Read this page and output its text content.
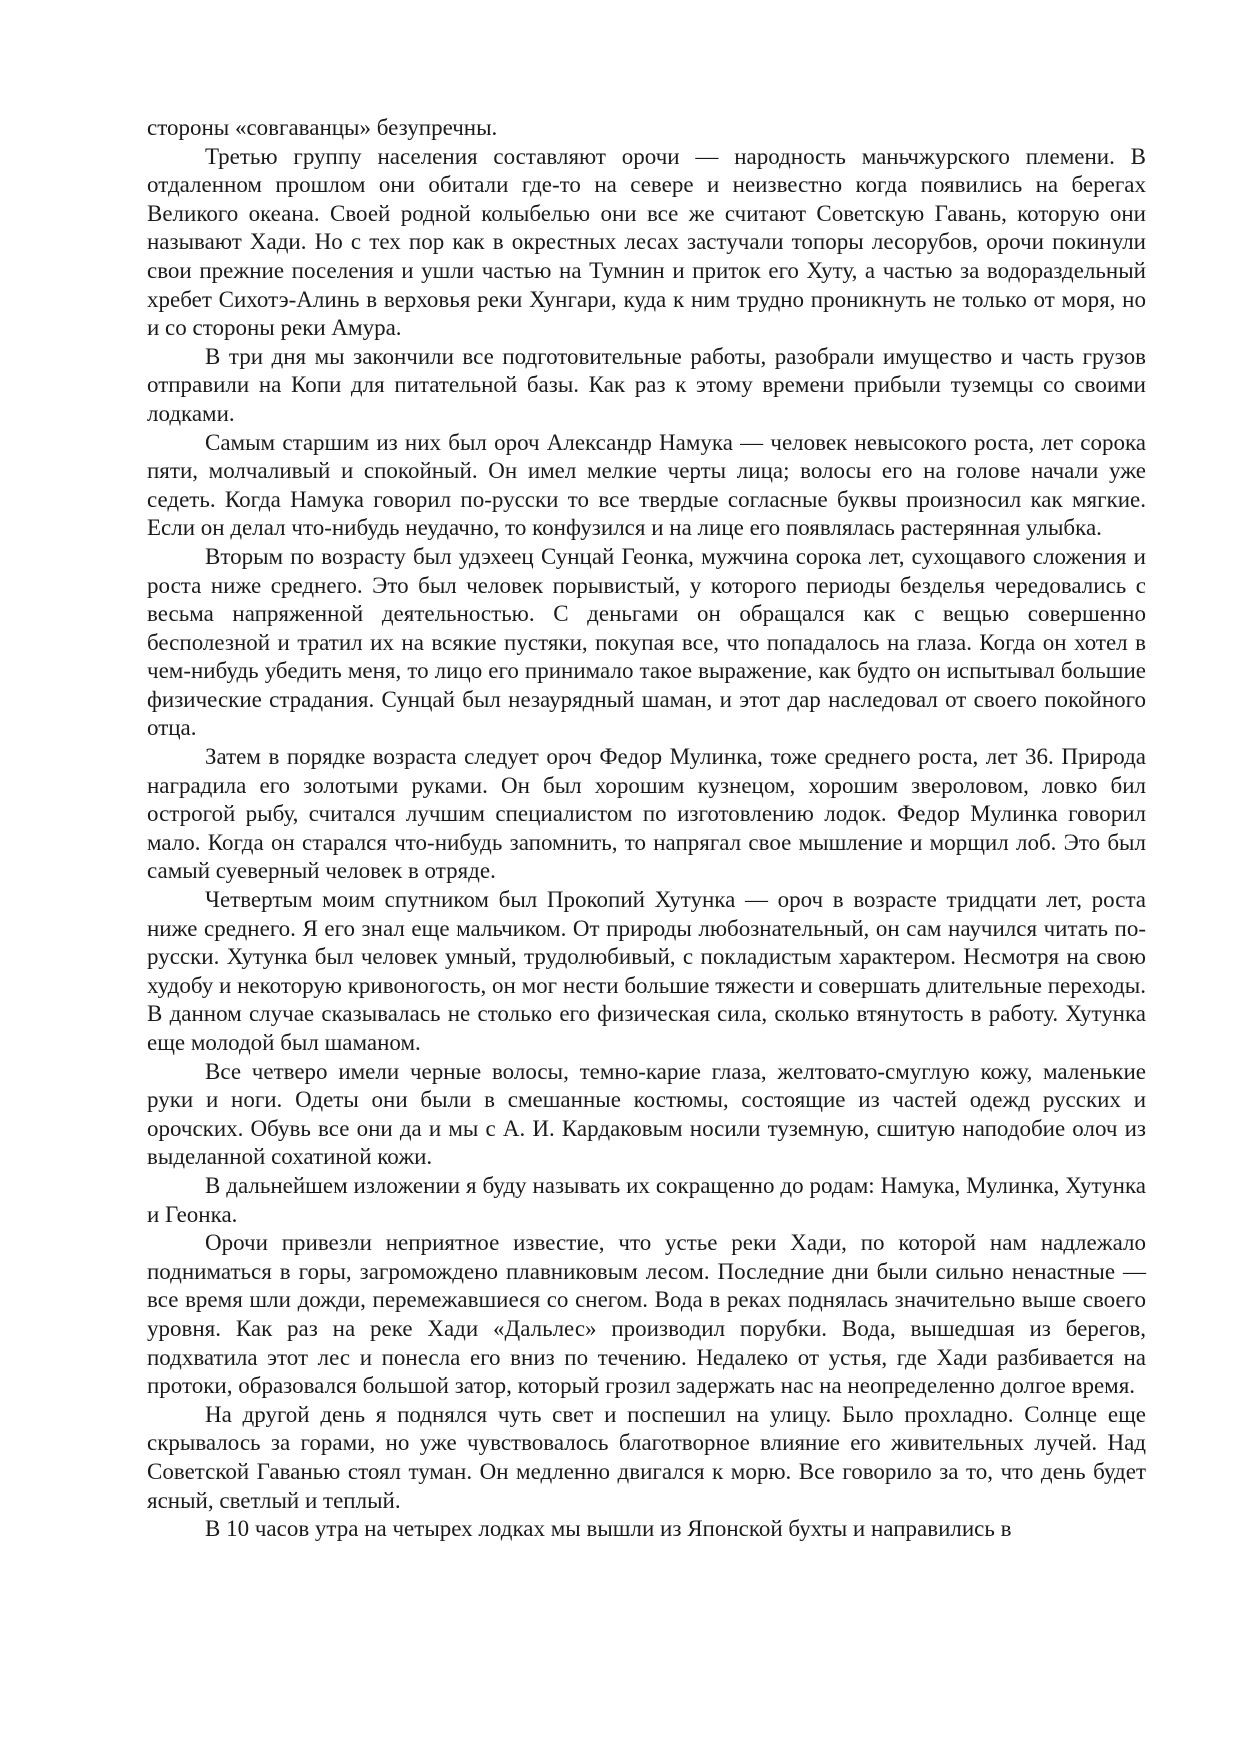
стороны «совгаванцы» безупречны.

Третью группу населения составляют орочи — народность маньчжурского племени. В отдаленном прошлом они обитали где-то на севере и неизвестно когда появились на берегах Великого океана. Своей родной колыбелью они все же считают Советскую Гавань, которую они называют Хади. Но с тех пор как в окрестных лесах застучали топоры лесорубов, орочи покинули свои прежние поселения и ушли частью на Тумнин и приток его Хуту, а частью за водораздельный хребет Сихотэ-Алинь в верховья реки Хунгари, куда к ним трудно проникнуть не только от моря, но и со стороны реки Амура.

В три дня мы закончили все подготовительные работы, разобрали имущество и часть грузов отправили на Копи для питательной базы. Как раз к этому времени прибыли туземцы со своими лодками.

Самым старшим из них был ороч Александр Намука — человек невысокого роста, лет сорока пяти, молчаливый и спокойный. Он имел мелкие черты лица; волосы его на голове начали уже седеть. Когда Намука говорил по-русски то все твердые согласные буквы произносил как мягкие. Если он делал что-нибудь неудачно, то конфузился и на лице его появлялась растерянная улыбка.

Вторым по возрасту был удэхеец Сунцай Геонка, мужчина сорока лет, сухощавого сложения и роста ниже среднего. Это был человек порывистый, у которого периоды безделья чередовались с весьма напряженной деятельностью. С деньгами он обращался как с вещью совершенно бесполезной и тратил их на всякие пустяки, покупая все, что попадалось на глаза. Когда он хотел в чем-нибудь убедить меня, то лицо его принимало такое выражение, как будто он испытывал большие физические страдания. Сунцай был незаурядный шаман, и этот дар наследовал от своего покойного отца.

Затем в порядке возраста следует ороч Федор Мулинка, тоже среднего роста, лет 36. Природа наградила его золотыми руками. Он был хорошим кузнецом, хорошим звероловом, ловко бил острогой рыбу, считался лучшим специалистом по изготовлению лодок. Федор Мулинка говорил мало. Когда он старался что-нибудь запомнить, то напрягал свое мышление и морщил лоб. Это был самый суеверный человек в отряде.

Четвертым моим спутником был Прокопий Хутунка — ороч в возрасте тридцати лет, роста ниже среднего. Я его знал еще мальчиком. От природы любознательный, он сам научился читать по-русски. Хутунка был человек умный, трудолюбивый, с покладистым характером. Несмотря на свою худобу и некоторую кривоногость, он мог нести большие тяжести и совершать длительные переходы. В данном случае сказывалась не столько его физическая сила, сколько втянутость в работу. Хутунка еще молодой был шаманом.

Все четверо имели черные волосы, темно-карие глаза, желтовато-смуглую кожу, маленькие руки и ноги. Одеты они были в смешанные костюмы, состоящие из частей одежд русских и орочских. Обувь все они да и мы с А. И. Кардаковым носили туземную, сшитую наподобие олоч из выделанной сохатиной кожи.

В дальнейшем изложении я буду называть их сокращенно до родам: Намука, Мулинка, Хутунка и Геонка.

Орочи привезли неприятное известие, что устье реки Хади, по которой нам надлежало подниматься в горы, загромождено плавниковым лесом. Последние дни были сильно ненастные — все время шли дожди, перемежавшиеся со снегом. Вода в реках поднялась значительно выше своего уровня. Как раз на реке Хади «Дальлес» производил порубки. Вода, вышедшая из берегов, подхватила этот лес и понесла его вниз по течению. Недалеко от устья, где Хади разбивается на протоки, образовался большой затор, который грозил задержать нас на неопределенно долгое время.

На другой день я поднялся чуть свет и поспешил на улицу. Было прохладно. Солнце еще скрывалось за горами, но уже чувствовалось благотворное влияние его живительных лучей. Над Советской Гаванью стоял туман. Он медленно двигался к морю. Все говорило за то, что день будет ясный, светлый и теплый.

В 10 часов утра на четырех лодках мы вышли из Японской бухты и направились в
